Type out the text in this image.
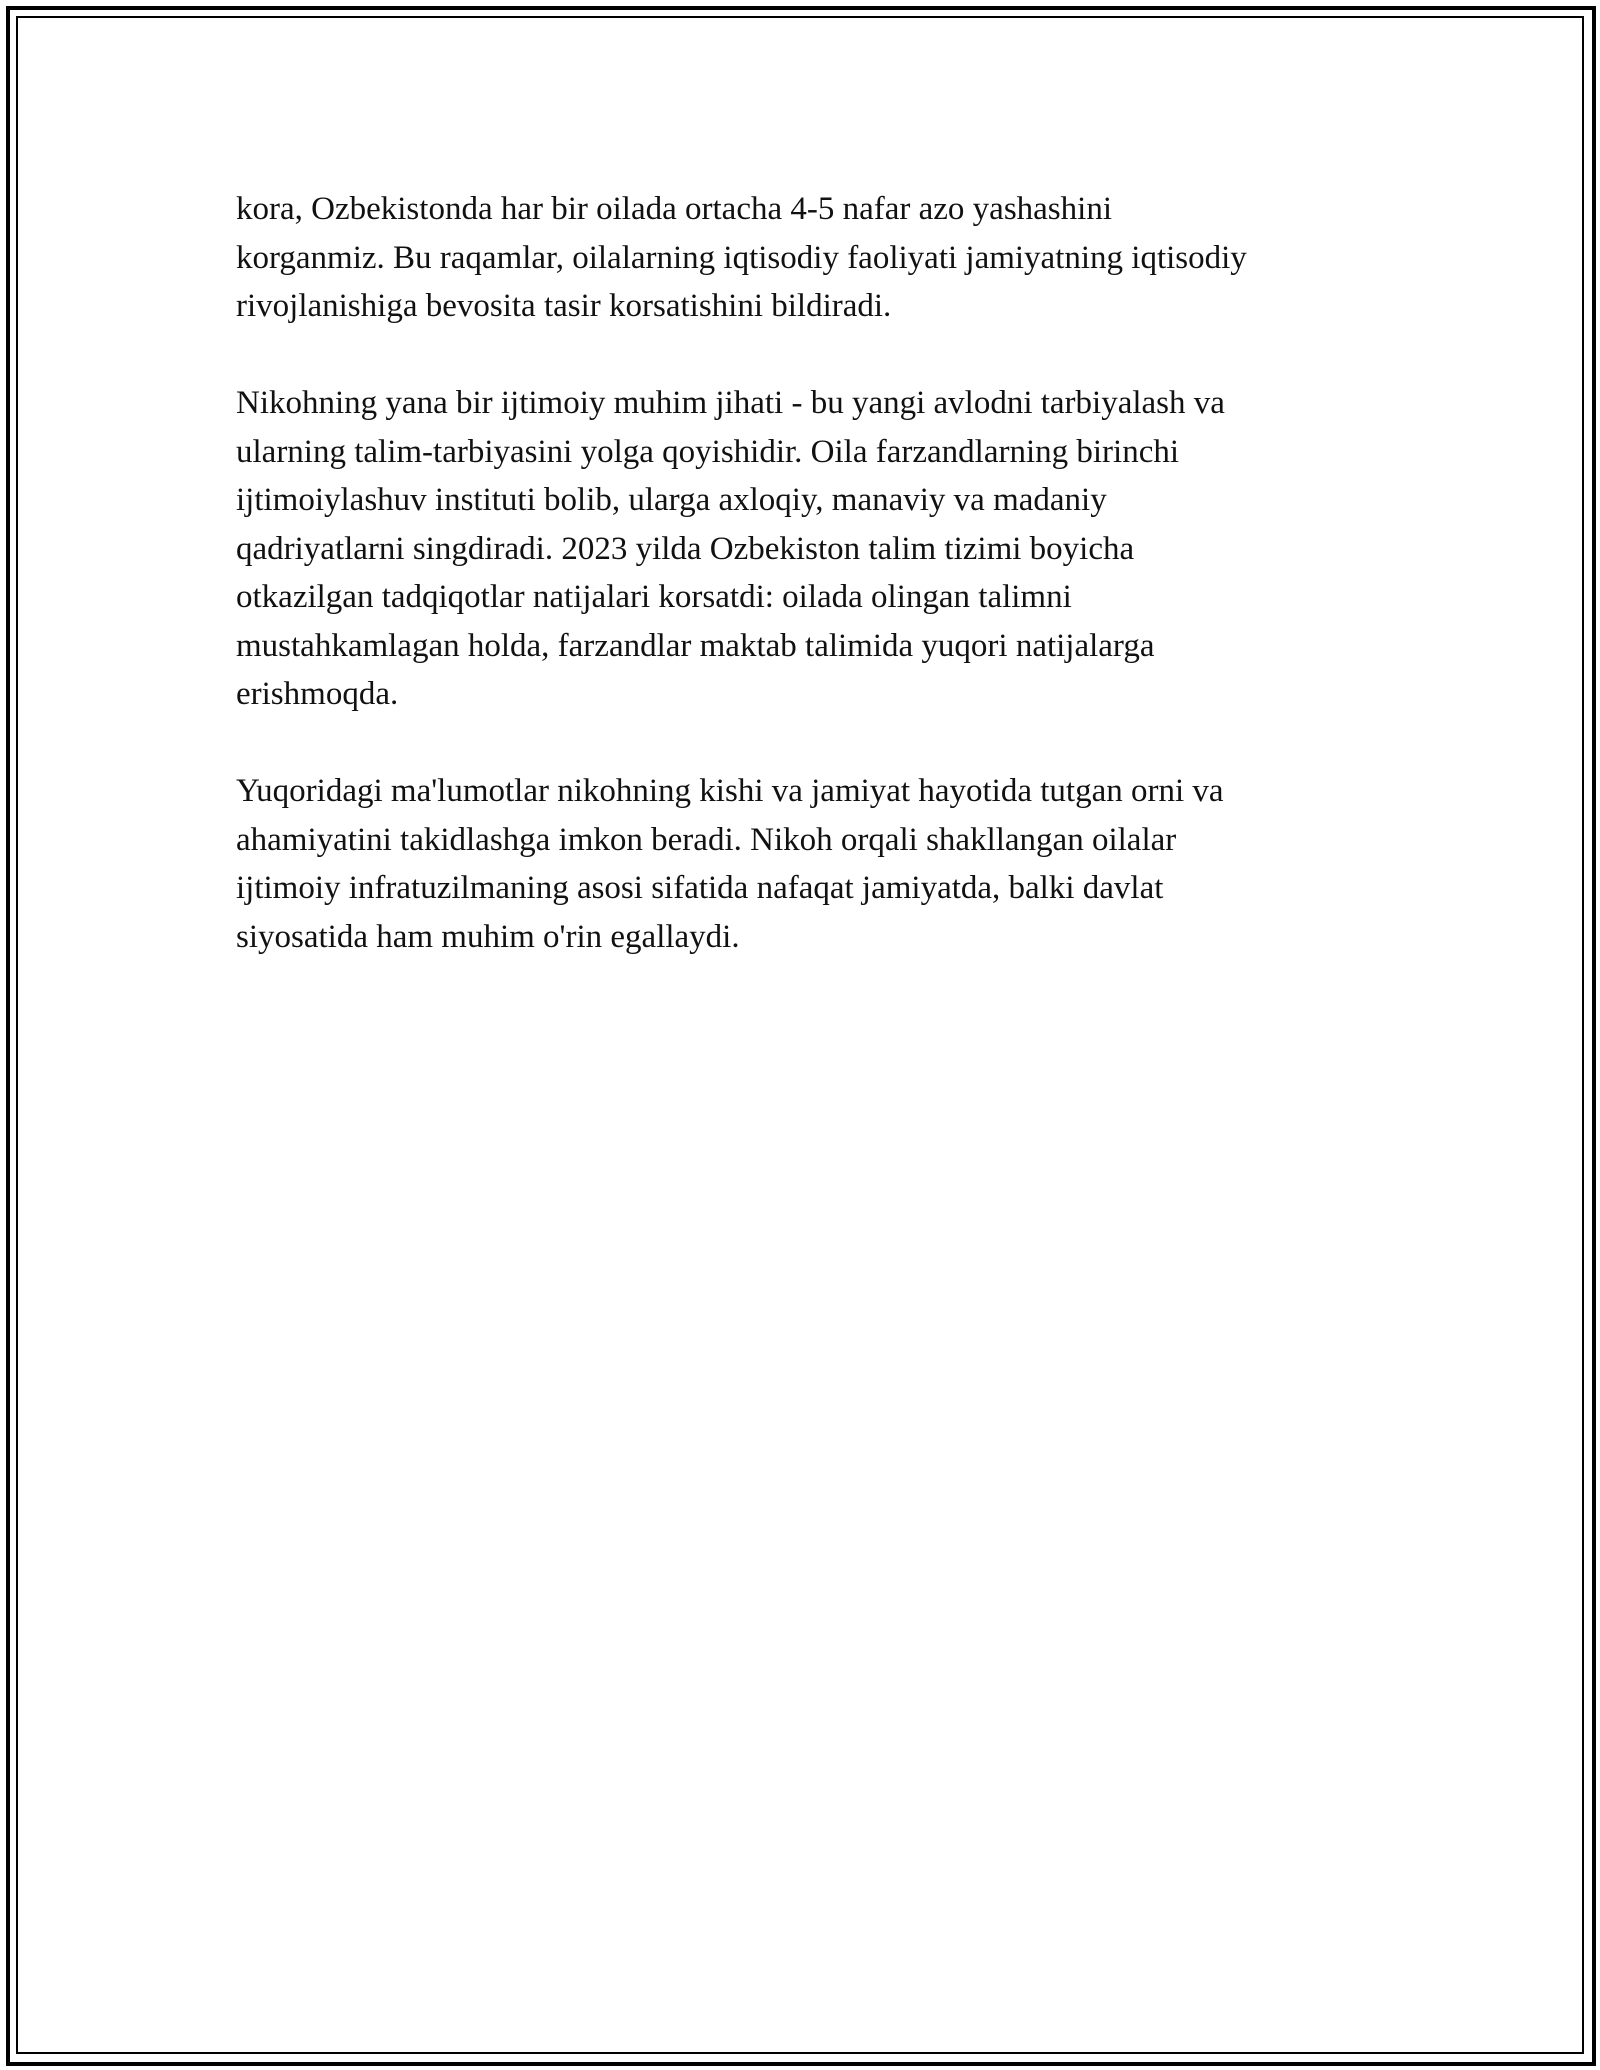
kora, Ozbekistonda har bir oilada ortacha 4-5 nafar azo yashashini
korganmiz. Bu raqamlar, oilalarning iqtisodiy faoliyati jamiyatning iqtisodiy
rivojlanishiga bevosita tasir korsatishini bildiradi.

Nikohning yana bir ijtimoiy muhim jihati - bu yangi avlodni tarbiyalash va
ularning talim-tarbiyasini yolga qoyishidir. Oila farzandlarning birinchi
ijtimoiylashuv instituti bolib, ularga axloqiy, manaviy va madaniy
qadriyatlarni singdiradi. 2023 yilda Ozbekiston talim tizimi boyicha
otkazilgan tadqiqotlar natijalari korsatdi: oilada olingan talimni
mustahkamlagan holda, farzandlar maktab talimida yuqori natijalarga
erishmoqda.

Yuqoridagi ma'lumotlar nikohning kishi va jamiyat hayotida tutgan orni va
ahamiyatini takidlashga imkon beradi. Nikoh orqali shakllangan oilalar
ijtimoiy infratuzilmaning asosi sifatida nafaqat jamiyatda, balki davlat
siyosatida ham muhim o'rin egallaydi.
